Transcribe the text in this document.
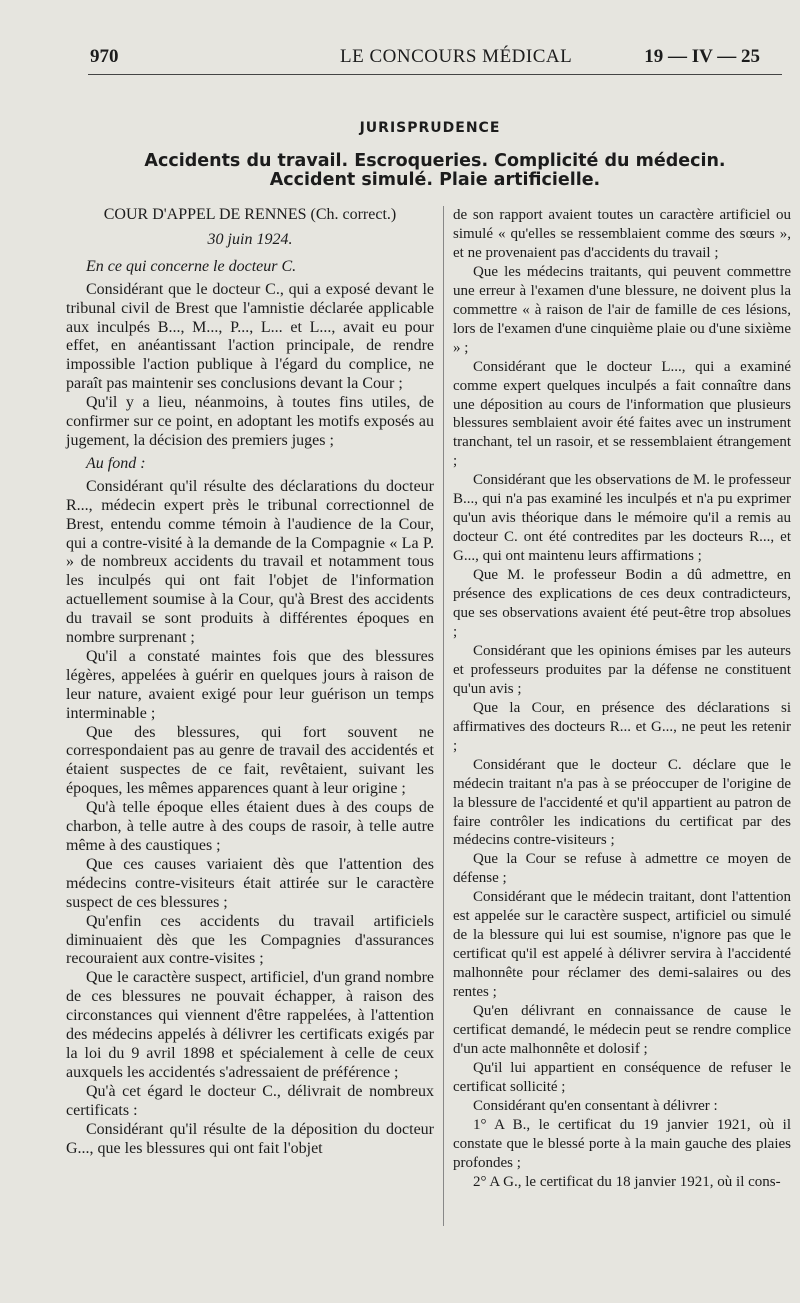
970	LE CONCOURS MÉDICAL	19 — IV — 25
JURISPRUDENCE
Accidents du travail. Escroqueries. Complicité du médecin.
Accident simulé. Plaie artificielle.

COUR D'APPEL DE RENNES (Ch. correct.)

30 juin 1924.

En ce qui concerne le docteur C.

Considérant que le docteur C., qui a exposé devant le tribunal civil de Brest que l'amnistie déclarée applicable aux inculpés B..., M..., P..., L... et L..., avait eu pour effet, en anéantissant l'action principale, de rendre impossible l'action publique à l'égard du complice, ne paraît pas maintenir ses conclusions devant la Cour ;

Qu'il y a lieu, néanmoins, à toutes fins utiles, de confirmer sur ce point, en adoptant les motifs exposés au jugement, la décision des premiers juges ;

Au fond :

Considérant qu'il résulte des déclarations du docteur R..., médecin expert près le tribunal correctionnel de Brest, entendu comme témoin à l'audience de la Cour, qui a contre-visité à la demande de la Compagnie « La P. » de nombreux accidents du travail et notamment tous les inculpés qui ont fait l'objet de l'information actuellement soumise à la Cour, qu'à Brest des accidents du travail se sont produits à différentes époques en nombre surprenant ;

Qu'il a constaté maintes fois que des blessures légères, appelées à guérir en quelques jours à raison de leur nature, avaient exigé pour leur guérison un temps interminable ;

Que des blessures, qui fort souvent ne correspondaient pas au genre de travail des accidentés et étaient suspectes de ce fait, revêtaient, suivant les époques, les mêmes apparences quant à leur origine ;

Qu'à telle époque elles étaient dues à des coups de charbon, à telle autre à des coups de rasoir, à telle autre même à des caustiques ;

Que ces causes variaient dès que l'attention des médecins contre-visiteurs était attirée sur le caractère suspect de ces blessures ;

Qu'enfin ces accidents du travail artificiels diminuaient dès que les Compagnies d'assurances recouraient aux contre-visites ;

Que le caractère suspect, artificiel, d'un grand nombre de ces blessures ne pouvait échapper, à raison des circonstances qui viennent d'être rappelées, à l'attention des médecins appelés à délivrer les certificats exigés par la loi du 9 avril 1898 et spécialement à celle de ceux auxquels les accidentés s'adressaient de préférence ;

Qu'à cet égard le docteur C., délivrait de nombreux certificats :

Considérant qu'il résulte de la déposition du docteur G..., que les blessures qui ont fait l'objet

de son rapport avaient toutes un caractère artificiel ou simulé « qu'elles se ressemblaient comme des sœurs », et ne provenaient pas d'accidents du travail ;

Que les médecins traitants, qui peuvent commettre une erreur à l'examen d'une blessure, ne doivent plus la commettre « à raison de l'air de famille de ces lésions, lors de l'examen d'une cinquième plaie ou d'une sixième » ;

Considérant que le docteur L..., qui a examiné comme expert quelques inculpés a fait connaître dans une déposition au cours de l'information que plusieurs blessures semblaient avoir été faites avec un instrument tranchant, tel un rasoir, et se ressemblaient étrangement ;

Considérant que les observations de M. le professeur B..., qui n'a pas examiné les inculpés et n'a pu exprimer qu'un avis théorique dans le mémoire qu'il a remis au docteur C. ont été contredites par les docteurs R..., et G..., qui ont maintenu leurs affirmations ;

Que M. le professeur Bodin a dû admettre, en présence des explications de ces deux contradicteurs, que ses observations avaient été peut-être trop absolues ;

Considérant que les opinions émises par les auteurs et professeurs produites par la défense ne constituent qu'un avis ;

Que la Cour, en présence des déclarations si affirmatives des docteurs R... et G..., ne peut les retenir ;

Considérant que le docteur C. déclare que le médecin traitant n'a pas à se préoccuper de l'origine de la blessure de l'accidenté et qu'il appartient au patron de faire contrôler les indications du certificat par des médecins contre-visiteurs ;

Que la Cour se refuse à admettre ce moyen de défense ;

Considérant que le médecin traitant, dont l'attention est appelée sur le caractère suspect, artificiel ou simulé de la blessure qui lui est soumise, n'ignore pas que le certificat qu'il est appelé à délivrer servira à l'accidenté malhonnête pour réclamer des demi-salaires ou des rentes ;

Qu'en délivrant en connaissance de cause le certificat demandé, le médecin peut se rendre complice d'un acte malhonnête et dolosif ;

Qu'il lui appartient en conséquence de refuser le certificat sollicité ;

Considérant qu'en consentant à délivrer :

1° A B., le certificat du 19 janvier 1921, où il constate que le blessé porte à la main gauche des plaies profondes ;

2° A G., le certificat du 18 janvier 1921, où il cons-
